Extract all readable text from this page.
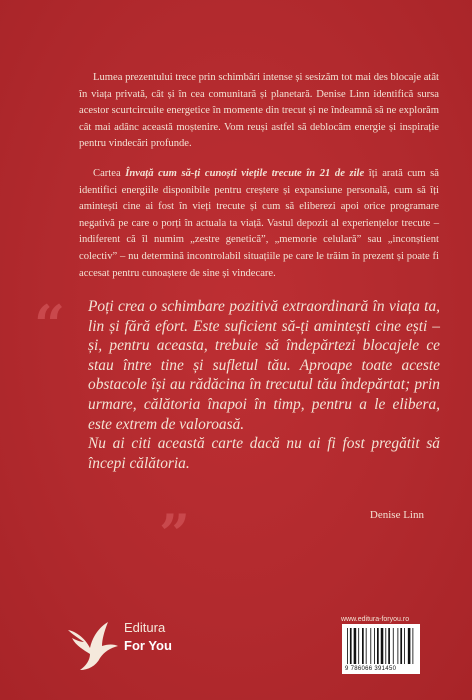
Lumea prezentului trece prin schimbări intense și sesizăm tot mai des blocaje atât în viața privată, cât și în cea comunitară și planetară. Denise Linn identifică sursa acestor scurtcircuite energetice în momente din trecut și ne îndeamnă să ne explorăm cât mai adânc această moștenire. Vom reuși astfel să deblocăm energie și inspirație pentru vindecări profunde.

Cartea Învață cum să-ți cunoști viețile trecute în 21 de zile îți arată cum să identifici energiile disponibile pentru creștere și expansiune personală, cum să îți amintești cine ai fost în vieți trecute și cum să eliberezi apoi orice programare negativă pe care o porți în actuala ta viață. Vastul depozit al experiențelor trecute – indiferent că îl numim „zestre genetică”, „memorie celulară” sau „inconștient colectiv” – nu determină incontrolabil situațiile pe care le trăim în prezent și poate fi accesat pentru cunoaștere de sine și vindecare.

“ Poți crea o schimbare pozitivă extraordinară în viața ta, lin și fără efort. Este suficient să-ți amintești cine ești – și, pentru aceasta, trebuie să îndepărtezi blocajele ce stau între tine și sufletul tău. Aproape toate aceste obstacole își au rădăcina în trecutul tău îndepărtat; prin urmare, călătoria înapoi în timp, pentru a le elibera, este extrem de valoroasă.

Nu ai citi această carte dacă nu ai fi fost pregătit să începi călătoria.

„	Denise Linn

Editura
For You
www.editura-foryou.ro
9 786066 391450
